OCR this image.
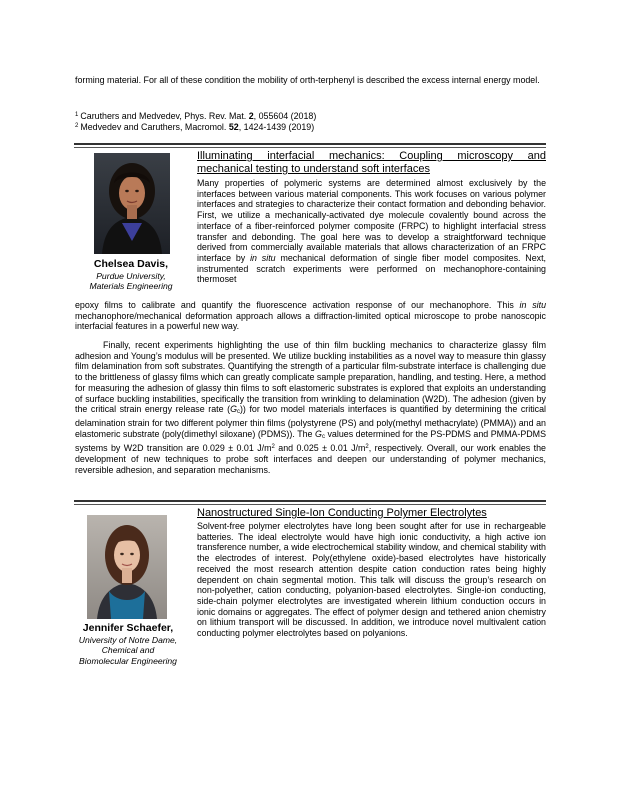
forming material. For all of these condition the mobility of orth-terphenyl is described the excess internal energy model.

$^1$ Caruthers and Medvedev, Phys. Rev. Mat. 2, 055604 (2018)
$^2$ Medvedev and Caruthers, Macromol. 52, 1424-1439 (2019)
Chelsea Davis,
Purdue University,
Materials Engineering
Illuminating interfacial mechanics: Coupling microscopy and mechanical testing to understand soft interfaces

Many properties of polymeric systems are determined almost exclusively by the interfaces between various material components. This work focuses on various polymer interfaces and strategies to characterize their contact formation and debonding behavior. First, we utilize a mechanically-activated dye molecule covalently bound across the interface of a fiber-reinforced polymer composite (FRPC) to highlight interfacial stress transfer and debonding. The goal here was to develop a straightforward technique derived from commercially available materials that allows characterization of an FRPC interface by in situ mechanical deformation of single fiber model composites. Next, instrumented scratch experiments were performed on mechanophore-containing thermoset

epoxy films to calibrate and quantify the fluorescence activation response of our mechanophore. This in situ mechanophore/mechanical deformation approach allows a diffraction-limited optical microscope to probe nanoscopic interfacial features in a powerful new way.

Finally, recent experiments highlighting the use of thin film buckling mechanics to characterize glassy film adhesion and Young’s modulus will be presented. We utilize buckling instabilities as a novel way to measure thin glassy film delamination from soft substrates. Quantifying the strength of a particular film-substrate interface is challenging due to the brittleness of glassy films which can greatly complicate sample preparation, handling, and testing. Here, a method for measuring the adhesion of glassy thin films to soft elastomeric substrates is explored that exploits an understanding of surface buckling instabilities, specifically the transition from wrinkling to delamination (W2D). The adhesion (given by the critical strain energy release rate $(G_c)$) for two model materials interfaces is quantified by determining the critical delamination strain for two different polymer thin films (polystyrene (PS) and poly(methyl methacrylate) (PMMA)) and an elastomeric substrate (poly(dimethyl siloxane) (PDMS)). The $G_c$ values determined for the PS-PDMS and PMMA-PDMS systems by W2D transition are 0.029 ± 0.01 $J/m^2$ and 0.025 ± 0.01 $J/m^2$, respectively. Overall, our work enables the development of new techniques to probe soft interfaces and deepen our understanding of polymer mechanics, reversible adhesion, and separation mechanisms.

Jennifer Schaefer,
University of Notre Dame,
Chemical and
Biomolecular Engineering
Nanostructured Single-Ion Conducting Polymer Electrolytes

Solvent-free polymer electrolytes have long been sought after for use in rechargeable batteries. The ideal electrolyte would have high ionic conductivity, a high active ion transference number, a wide electrochemical stability window, and chemical stability with the electrodes of interest. Poly(ethylene oxide)-based electrolytes have historically received the most research attention despite cation conduction rates being highly dependent on chain segmental motion. This talk will discuss the group’s research on non-polyether, cation conducting, polyanion-based electrolytes. Single-ion conducting, side-chain polymer electrolytes are investigated wherein lithium conduction occurs in ionic domains or aggregates. The effect of polymer design and tethered anion chemistry on lithium transport will be discussed. In addition, we introduce novel multivalent cation conducting polymer electrolytes based on polyanions.
